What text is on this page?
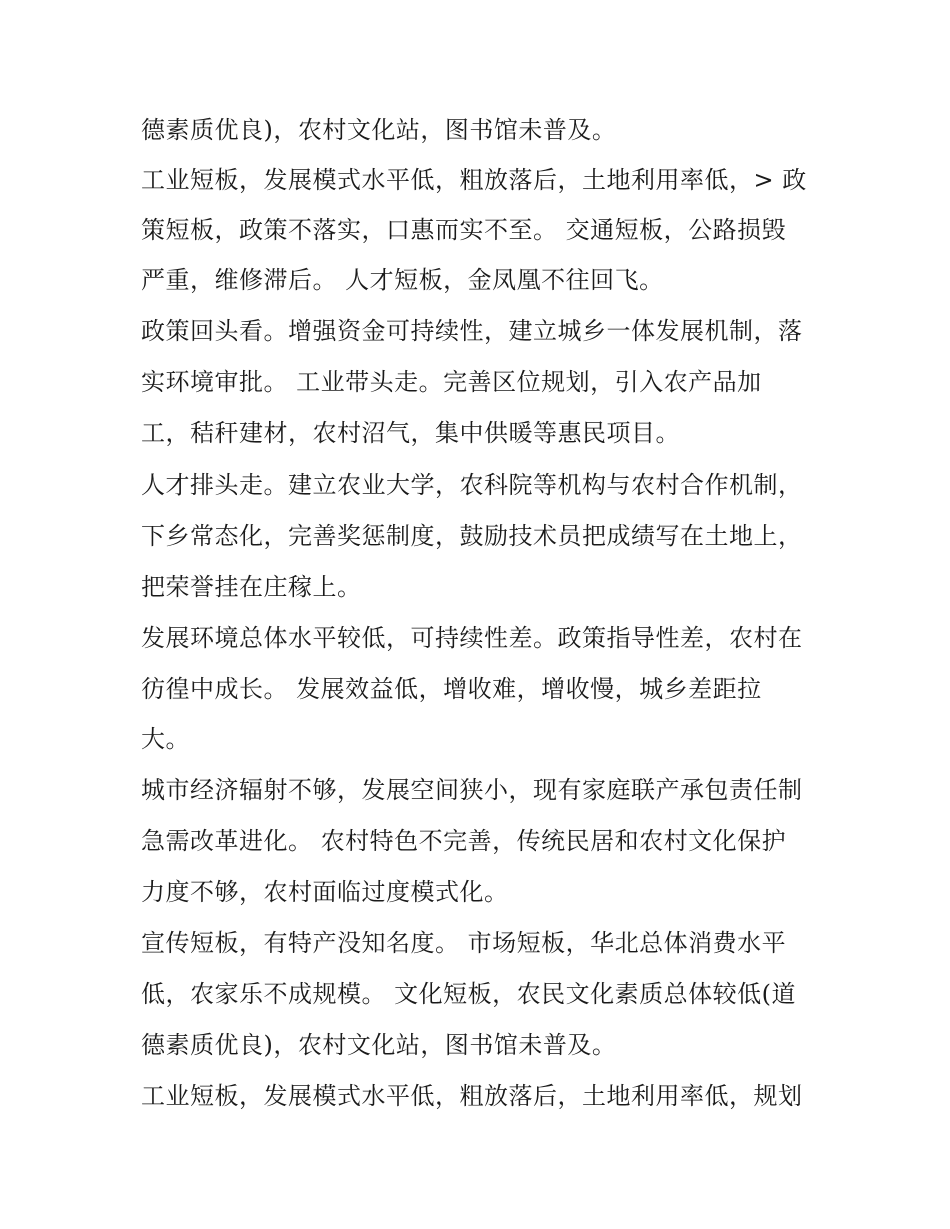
德素质优良)，农村文化站，图书馆未普及。
工业短板，发展模式水平低，粗放落后，土地利用率低，> 政
策短板，政策不落实，口惠而实不至。 交通短板，公路损毁
严重，维修滞后。 人才短板，金凤凰不往回飞。
政策回头看。增强资金可持续性，建立城乡一体发展机制，落
实环境审批。 工业带头走。完善区位规划，引入农产品加
工，秸秆建材，农村沼气，集中供暖等惠民项目。
人才排头走。建立农业大学，农科院等机构与农村合作机制，
下乡常态化，完善奖惩制度，鼓励技术员把成绩写在土地上，
把荣誉挂在庄稼上。
发展环境总体水平较低，可持续性差。政策指导性差，农村在
彷徨中成长。 发展效益低，增收难，增收慢，城乡差距拉
大。
城市经济辐射不够，发展空间狭小，现有家庭联产承包责任制
急需改革进化。 农村特色不完善，传统民居和农村文化保护
力度不够，农村面临过度模式化。
宣传短板，有特产没知名度。 市场短板，华北总体消费水平
低，农家乐不成规模。 文化短板，农民文化素质总体较低(道
德素质优良)，农村文化站，图书馆未普及。
工业短板，发展模式水平低，粗放落后，土地利用率低，规划
